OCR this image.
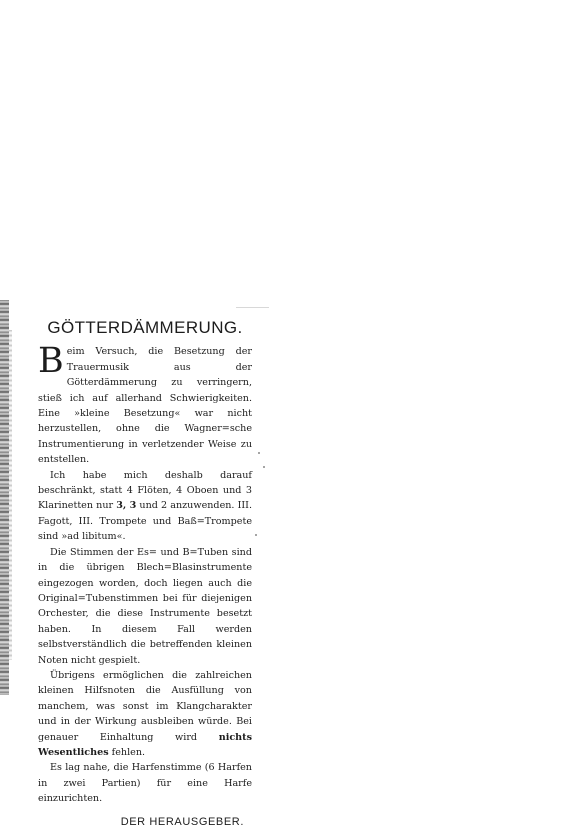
GÖTTERDÄMMERUNG.

Beim Versuch, die Besetzung der Trauermusik aus der Götterdämmerung zu verringern, stieß ich auf allerhand Schwierigkeiten. Eine »kleine Besetzung« war nicht herzustellen, ohne die Wagner=sche Instrumentierung in verletzender Weise zu entstellen.

Ich habe mich deshalb darauf beschränkt, statt 4 Flöten, 4 Oboen und 3 Klarinetten nur 3, 3 und 2 anzuwenden. III. Fagott, III. Trompete und Baß=Trompete sind »ad libitum«.

Die Stimmen der Es= und B=Tuben sind in die übrigen Blech=Blasinstrumente eingezogen worden, doch liegen auch die Original=Tubenstimmen bei für diejenigen Orchester, die diese Instrumente besetzt haben. In diesem Fall werden selbstverständlich die betreffenden kleinen Noten nicht gespielt.

Übrigens ermöglichen die zahlreichen kleinen Hilfsnoten die Ausfüllung von manchem, was sonst im Klangcharakter und in der Wirkung ausbleiben würde. Bei genauer Einhaltung wird nichts Wesentliches fehlen.

Es lag nahe, die Harfenstimme (6 Harfen in zwei Partien) für eine Harfe einzurichten.

DER HERAUSGEBER.
